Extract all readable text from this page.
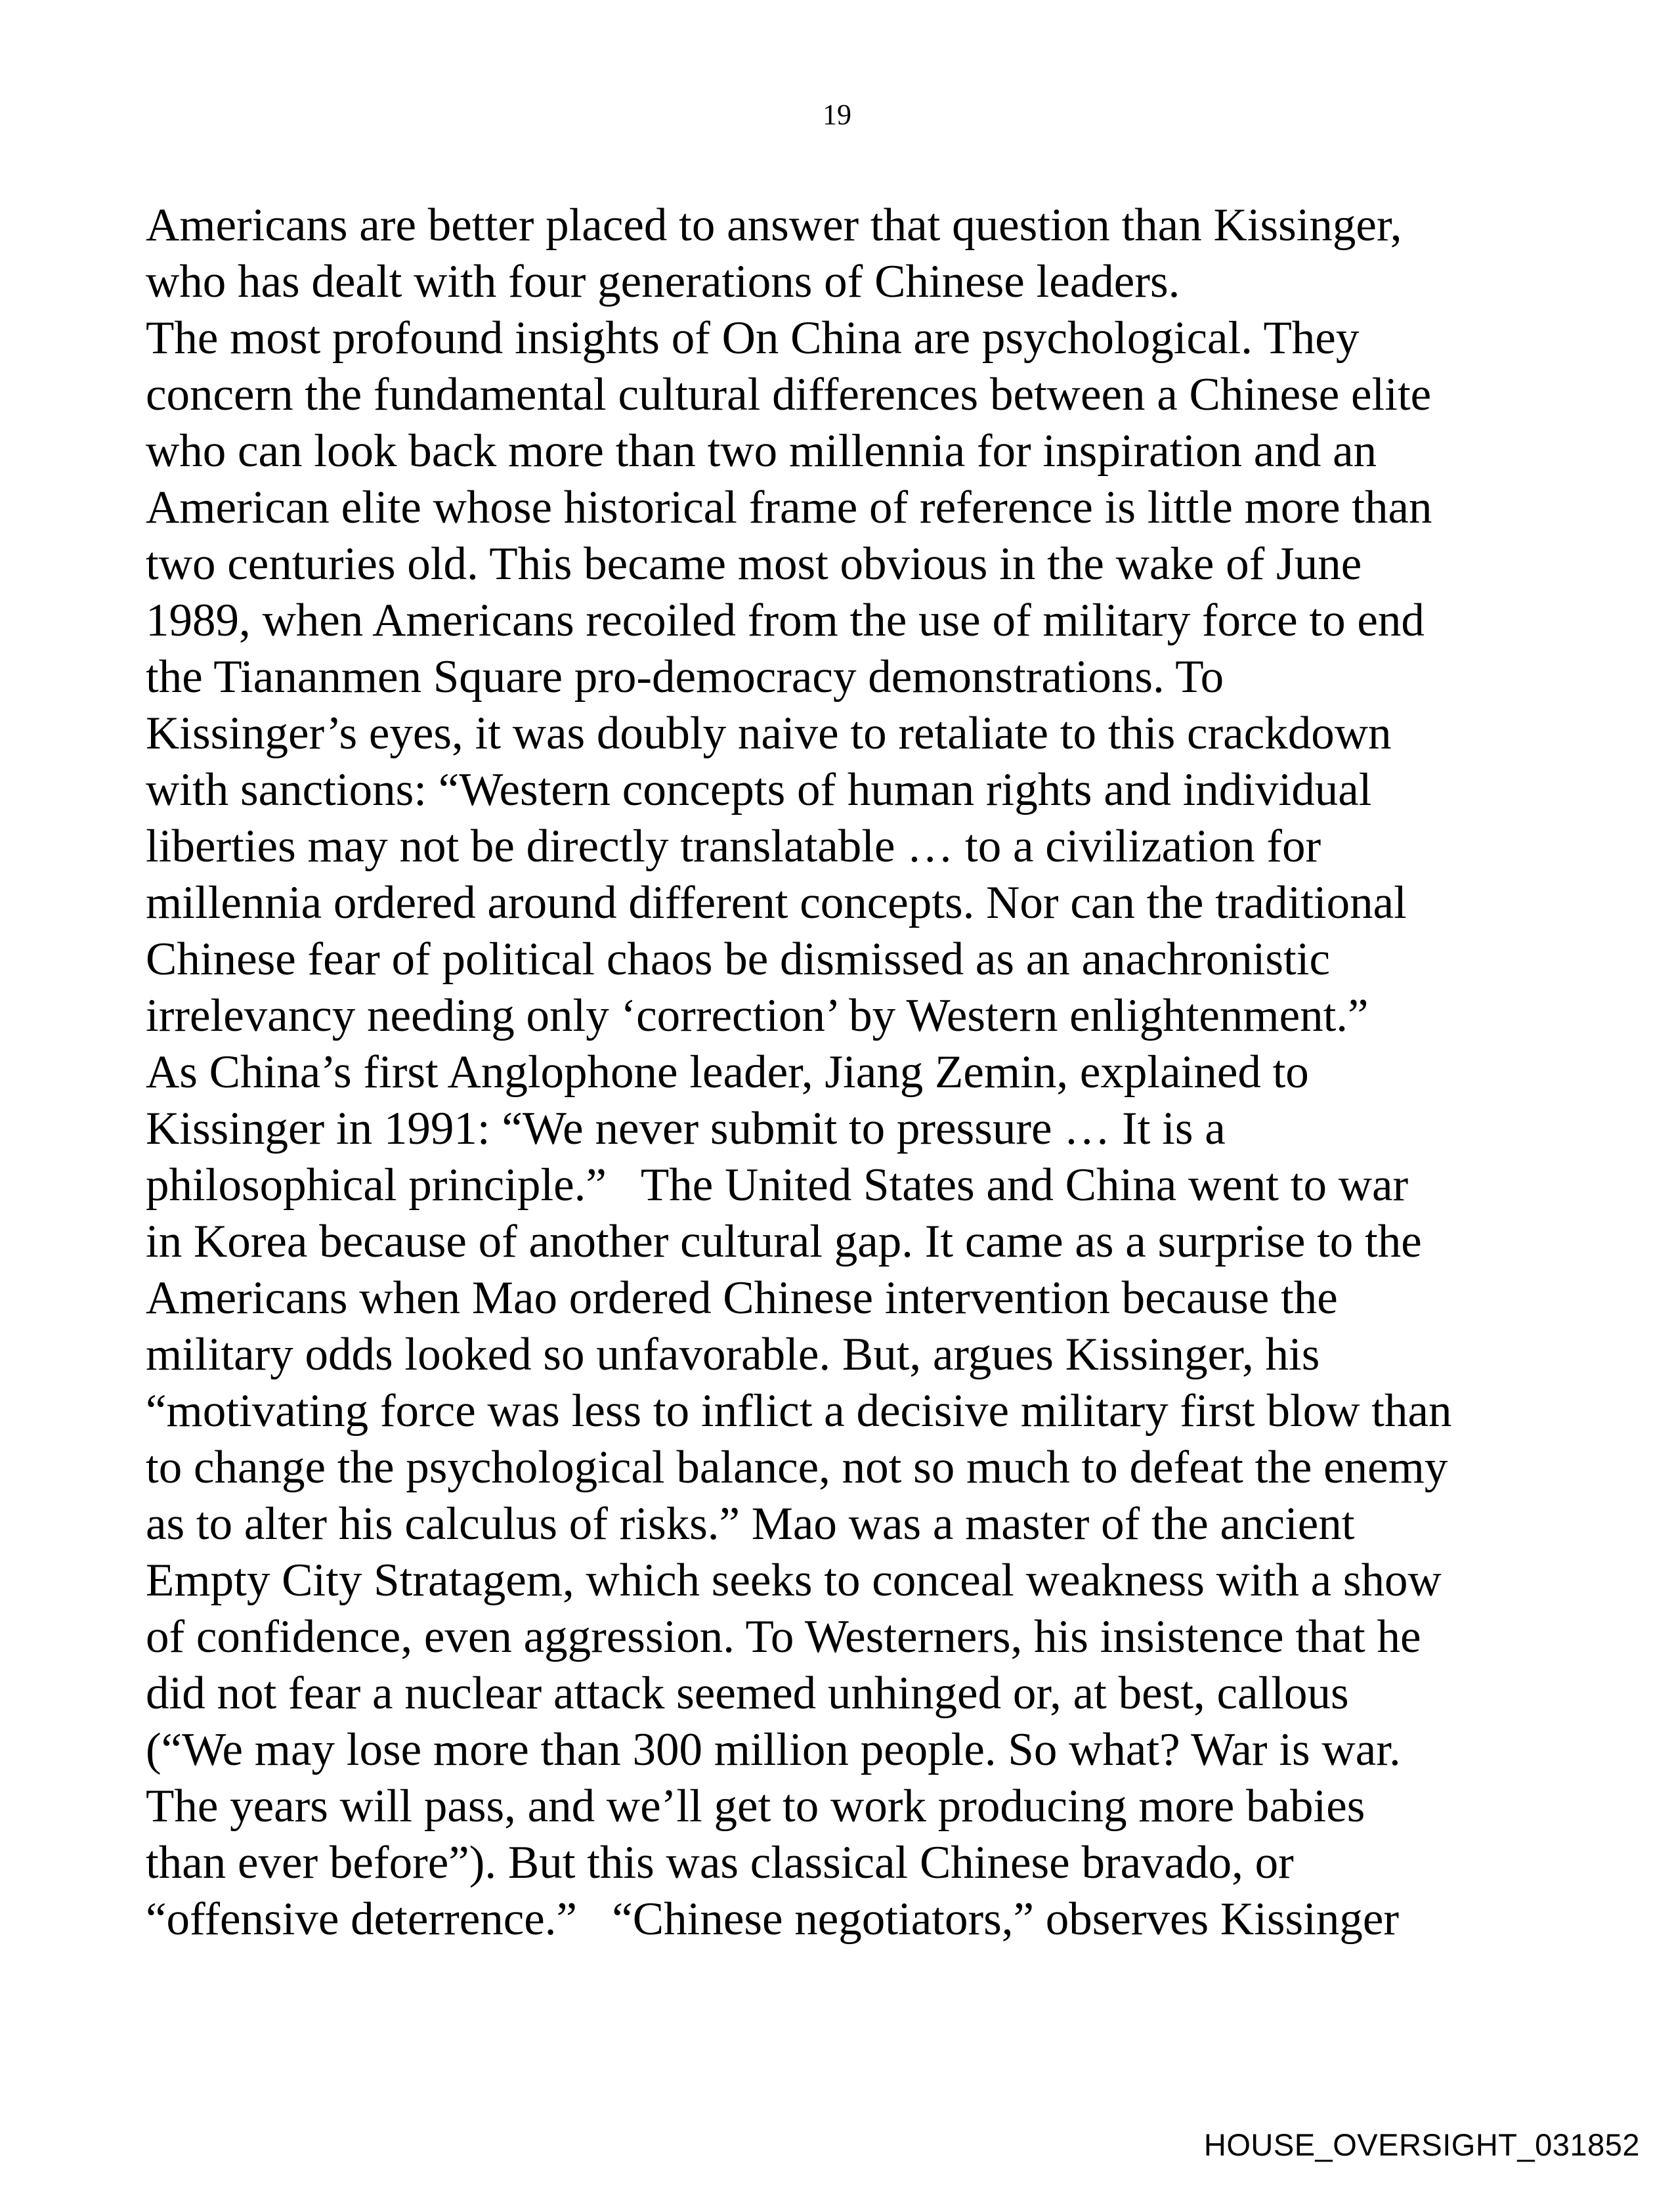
19
Americans are better placed to answer that question than Kissinger,
who has dealt with four generations of Chinese leaders.
The most profound insights of On China are psychological. They
concern the fundamental cultural differences between a Chinese elite
who can look back more than two millennia for inspiration and an
American elite whose historical frame of reference is little more than
two centuries old. This became most obvious in the wake of June
1989, when Americans recoiled from the use of military force to end
the Tiananmen Square pro-democracy demonstrations. To
Kissinger’s eyes, it was doubly naive to retaliate to this crackdown
with sanctions: “Western concepts of human rights and individual
liberties may not be directly translatable … to a civilization for
millennia ordered around different concepts. Nor can the traditional
Chinese fear of political chaos be dismissed as an anachronistic
irrelevancy needing only ‘correction’ by Western enlightenment.”
As China’s first Anglophone leader, Jiang Zemin, explained to
Kissinger in 1991: “We never submit to pressure … It is a
philosophical principle.”   The United States and China went to war
in Korea because of another cultural gap. It came as a surprise to the
Americans when Mao ordered Chinese intervention because the
military odds looked so unfavorable. But, argues Kissinger, his
“motivating force was less to inflict a decisive military first blow than
to change the psychological balance, not so much to defeat the enemy
as to alter his calculus of risks.” Mao was a master of the ancient
Empty City Stratagem, which seeks to conceal weakness with a show
of confidence, even aggression. To Westerners, his insistence that he
did not fear a nuclear attack seemed unhinged or, at best, callous
(“We may lose more than 300 million people. So what? War is war.
The years will pass, and we’ll get to work producing more babies
than ever before”). But this was classical Chinese bravado, or
“offensive deterrence.”   “Chinese negotiators,” observes Kissinger
HOUSE_OVERSIGHT_031852
